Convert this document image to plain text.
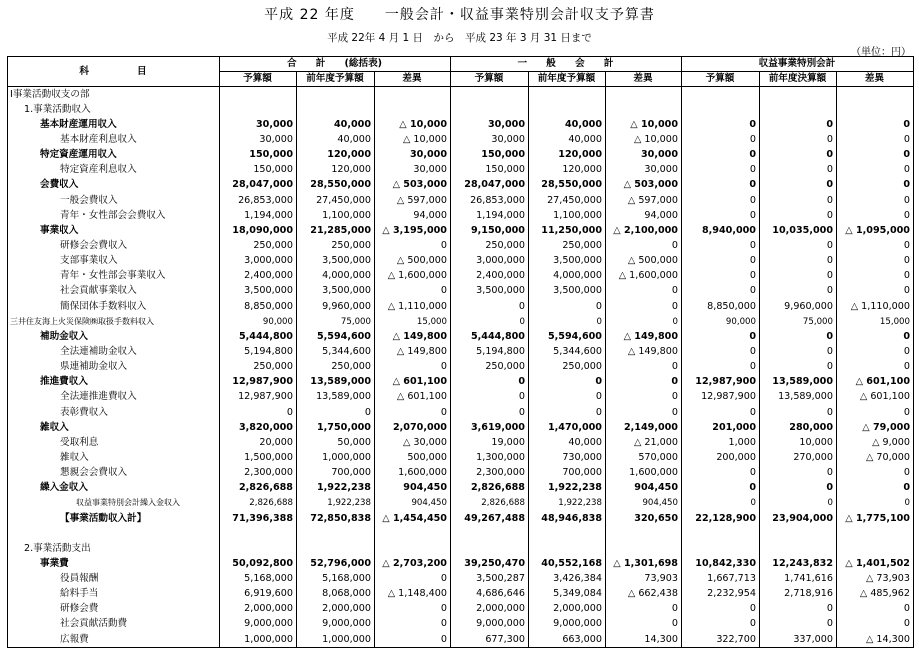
平成 22 年度　　一般会計・収益事業特別会計収支予算書
平成 22年 4 月 1 日　から　平成 23 年 3 月 31 日まで
（単位：円）
科　　　　　目	合　　計　　(総括表)			一　　般　　会　　計			収益事業特別会計		
	予算額	前年度予算額	差異	予算額	前年度予算額	差異	予算額	前年度決算額	差異
Ⅰ事業活動収支の部									
1.事業活動収入									
基本財産運用収入	30,000	40,000	△ 10,000	30,000	40,000	△ 10,000	0	0	0
基本財産利息収入	30,000	40,000	△ 10,000	30,000	40,000	△ 10,000	0	0	0
特定資産運用収入	150,000	120,000	30,000	150,000	120,000	30,000	0	0	0
特定資産利息収入	150,000	120,000	30,000	150,000	120,000	30,000	0	0	0
会費収入	28,047,000	28,550,000	△ 503,000	28,047,000	28,550,000	△ 503,000	0	0	0
一般会費収入	26,853,000	27,450,000	△ 597,000	26,853,000	27,450,000	△ 597,000	0	0	0
青年・女性部会会費収入	1,194,000	1,100,000	94,000	1,194,000	1,100,000	94,000	0	0	0
事業収入	18,090,000	21,285,000	△ 3,195,000	9,150,000	11,250,000	△ 2,100,000	8,940,000	10,035,000	△ 1,095,000
研修会会費収入	250,000	250,000	0	250,000	250,000	0	0	0	0
支部事業収入	3,000,000	3,500,000	△ 500,000	3,000,000	3,500,000	△ 500,000	0	0	0
青年・女性部会事業収入	2,400,000	4,000,000	△ 1,600,000	2,400,000	4,000,000	△ 1,600,000	0	0	0
社会貢献事業収入	3,500,000	3,500,000	0	3,500,000	3,500,000	0	0	0	0
簡保団体手数料収入	8,850,000	9,960,000	△ 1,110,000	0	0	0	8,850,000	9,960,000	△ 1,110,000
三井住友海上火災保険㈱取扱手数料収入	90,000	75,000	15,000	0	0	0	90,000	75,000	15,000
補助金収入	5,444,800	5,594,600	△ 149,800	5,444,800	5,594,600	△ 149,800	0	0	0
全法連補助金収入	5,194,800	5,344,600	△ 149,800	5,194,800	5,344,600	△ 149,800	0	0	0
県連補助金収入	250,000	250,000	0	250,000	250,000	0	0	0	0
推進費収入	12,987,900	13,589,000	△ 601,100	0	0	0	12,987,900	13,589,000	△ 601,100
全法連推進費収入	12,987,900	13,589,000	△ 601,100	0	0	0	12,987,900	13,589,000	△ 601,100
表彰費収入	0	0	0	0	0	0	0	0	0
雑収入	3,820,000	1,750,000	2,070,000	3,619,000	1,470,000	2,149,000	201,000	280,000	△ 79,000
受取利息	20,000	50,000	△ 30,000	19,000	40,000	△ 21,000	1,000	10,000	△ 9,000
雑収入	1,500,000	1,000,000	500,000	1,300,000	730,000	570,000	200,000	270,000	△ 70,000
懇親会会費収入	2,300,000	700,000	1,600,000	2,300,000	700,000	1,600,000	0	0	0
繰入金収入	2,826,688	1,922,238	904,450	2,826,688	1,922,238	904,450	0	0	0
収益事業特別会計繰入金収入	2,826,688	1,922,238	904,450	2,826,688	1,922,238	904,450	0	0	0
【事業活動収入計】	71,396,388	72,850,838	△ 1,454,450	49,267,488	48,946,838	320,650	22,128,900	23,904,000	△ 1,775,100

2.事業活動支出									
事業費	50,092,800	52,796,000	△ 2,703,200	39,250,470	40,552,168	△ 1,301,698	10,842,330	12,243,832	△ 1,401,502
役員報酬	5,168,000	5,168,000	0	3,500,287	3,426,384	73,903	1,667,713	1,741,616	△ 73,903
給料手当	6,919,600	8,068,000	△ 1,148,400	4,686,646	5,349,084	△ 662,438	2,232,954	2,718,916	△ 485,962
研修会費	2,000,000	2,000,000	0	2,000,000	2,000,000	0	0	0	0
社会貢献活動費	9,000,000	9,000,000	0	9,000,000	9,000,000	0	0	0	0
広報費	1,000,000	1,000,000	0	677,300	663,000	14,300	322,700	337,000	△ 14,300
